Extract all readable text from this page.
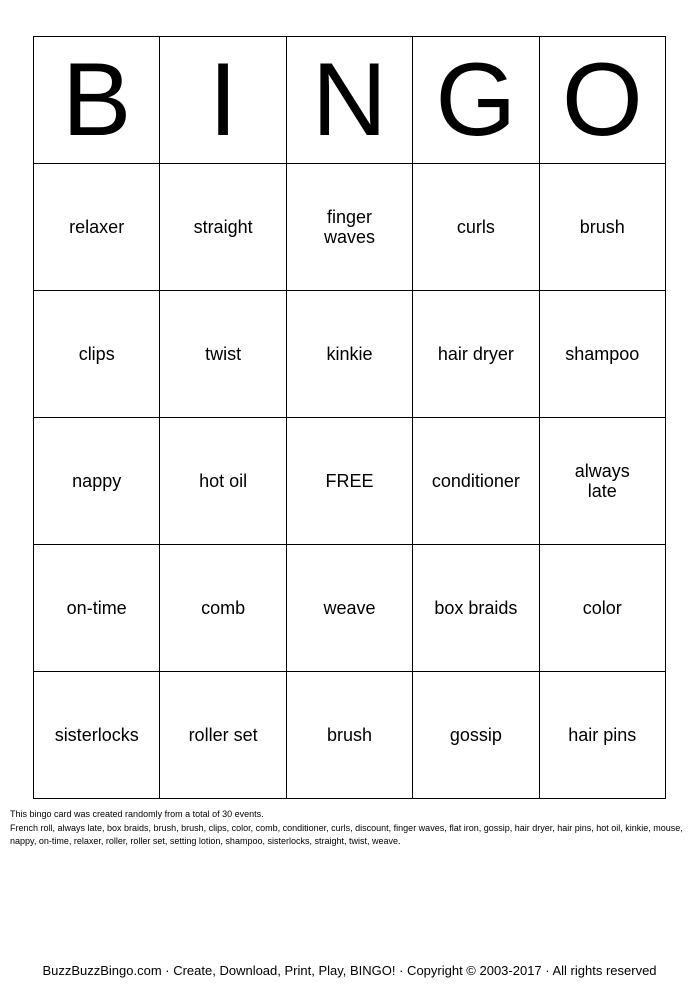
B	I	N	G	O
relaxer	straight	finger waves	curls	brush
clips	twist	kinkie	hair dryer	shampoo
nappy	hot oil	FREE	conditioner	always late
on-time	comb	weave	box braids	color
sisterlocks	roller set	brush	gossip	hair pins

This bingo card was created randomly from a total of 30 events.

French roll, always late, box braids, brush, brush, clips, color, comb, conditioner, curls, discount, finger waves, flat iron, gossip, hair dryer, hair pins, hot oil, kinkie, mouse, nappy, on-time, relaxer, roller, roller set, setting lotion, shampoo, sisterlocks, straight, twist, weave.

BuzzBuzzBingo.com · Create, Download, Print, Play, BINGO! · Copyright © 2003-2017 · All rights reserved
